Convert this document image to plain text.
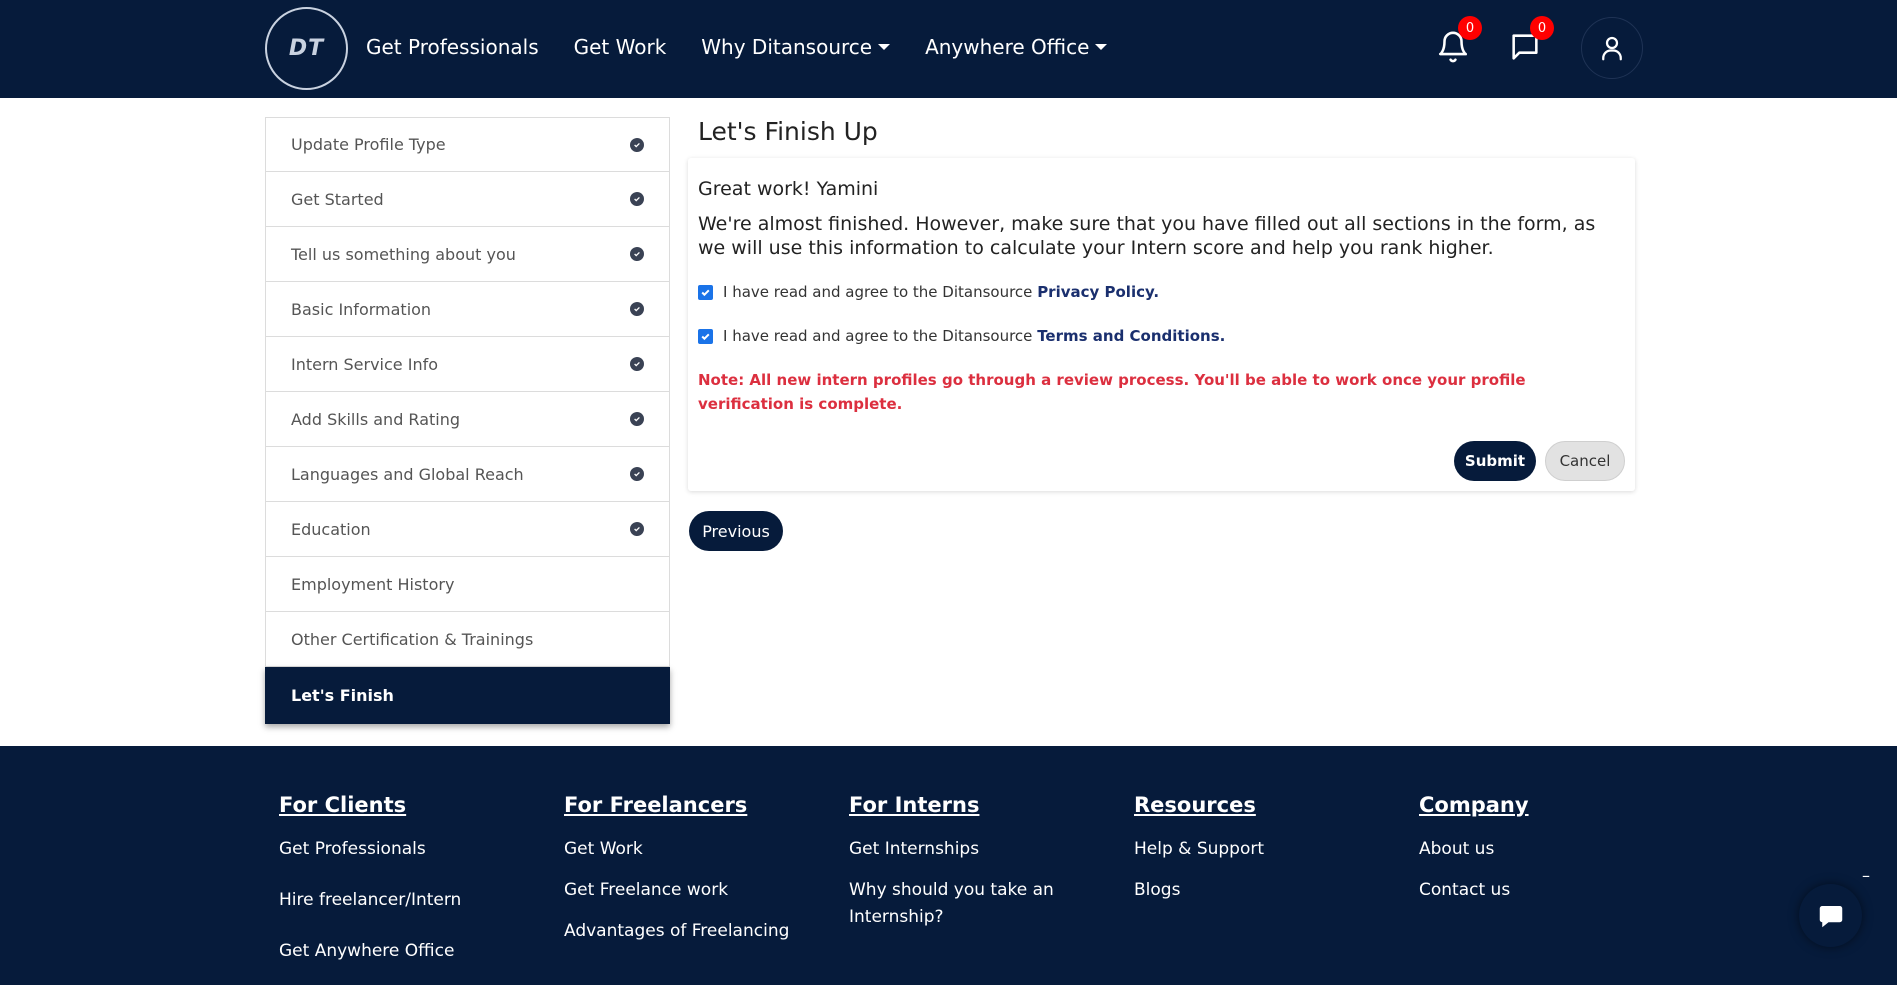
DT Get Professionals Get Work Why Ditansource	Anywhere Office
0	0
Update Profile Type
Get Started
Tell us something about you
Basic Information
Intern Service Info
Add Skills and Rating
Languages and Global Reach
Education
Employment History
Other Certification & Trainings
Let's Finish
Let's Finish Up
Great work! Yamini
We're almost finished. However, make sure that you have filled out all sections in the form, as we will use this information to calculate your Intern score and help you rank higher.
I have read and agree to the Ditansource Privacy Policy.
I have read and agree to the Ditansource Terms and Conditions.
Note: All new intern profiles go through a review process. You'll be able to work once your profile verification is complete.
Submit	Cancel
Previous
For Clients
Get Professionals
Hire freelancer/Intern
Get Anywhere Office
For Freelancers
Get Work
Get Freelance work
Advantages of Freelancing
For Interns
Get Internships
Why should you take an Internship?
Resources
Help & Support
Blogs
Company
About us
Contact us
–
